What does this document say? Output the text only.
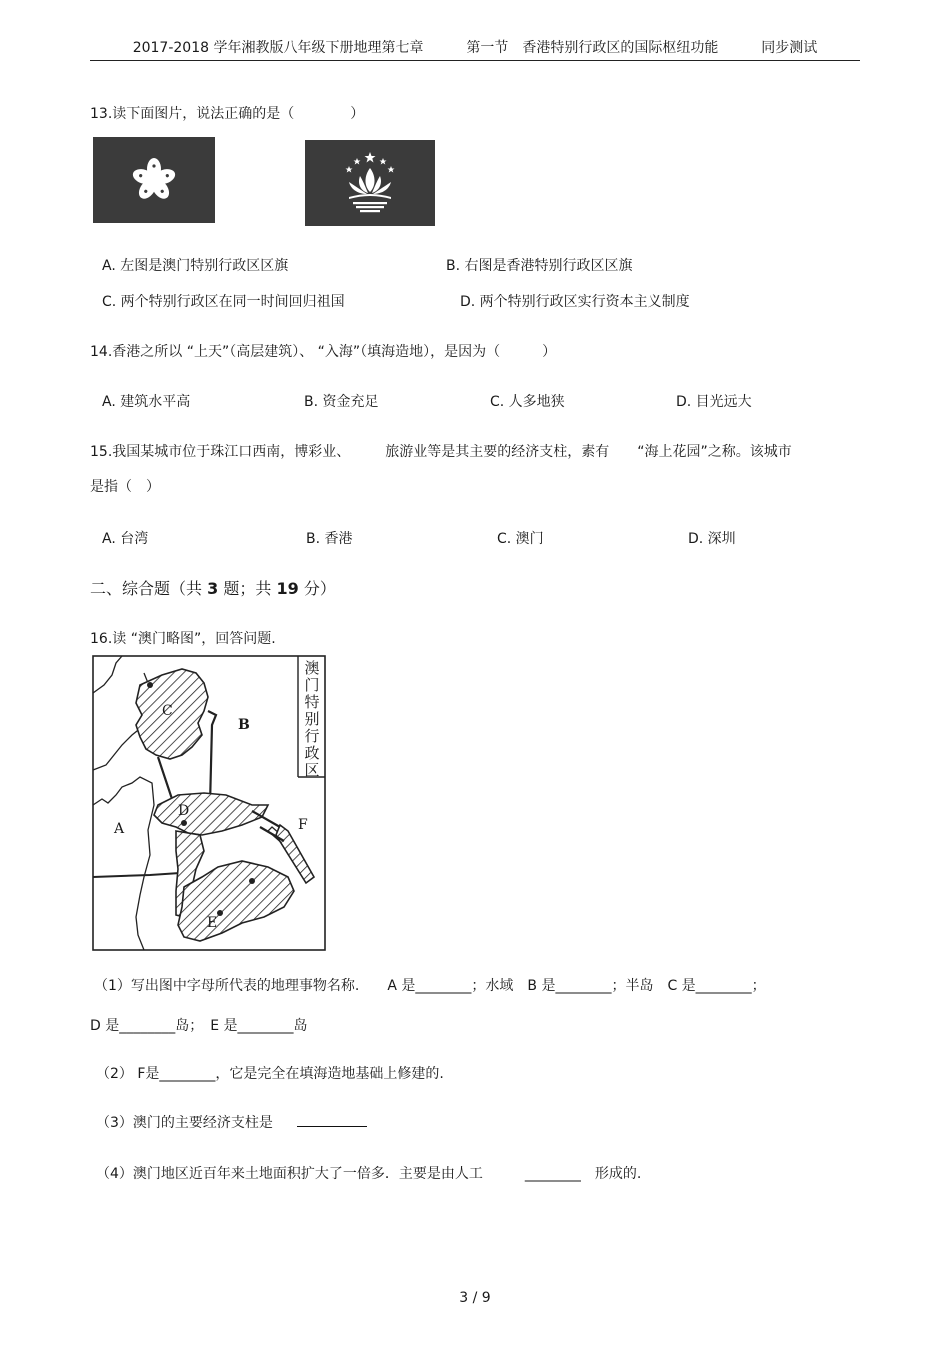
2017-2018 学年湘教版八年级下册地理第七章	第一节　香港特别行政区的国际枢纽功能	同步测试
13.读下面图片，说法正确的是（　　　　）
A. 左图是澳门特别行政区区旗	B. 右图是香港特别行政区区旗
C. 两个特别行政区在同一时间回归祖国	D. 两个特别行政区实行资本主义制度
14.香港之所以 “上天”（高层建筑）、 “入海”（填海造地），是因为（　　　）
A. 建筑水平高	B. 资金充足	C. 人多地狭	D. 目光远大
15.我国某城市位于珠江口西南，博彩业、　　　旅游业等是其主要的经济支柱，素有　　“海上花园”之称。该城市
是指（　）
A. 台湾	B. 香港	C. 澳门	D. 深圳
二、综合题（共 3 题；共 19 分）
16.读 “澳门略图”，回答问题.
澳
门
特
别
行
政
区
A
B
C
D
E
F
（1）写出图中字母所代表的地理事物名称.　　A 是________；水域　B 是________；半岛　C 是________；
D 是________岛；　E 是________岛
（2） F是________，它是完全在填海造地基础上修建的.
（3）澳门的主要经济支柱是
（4）澳门地区近百年来土地面积扩大了一倍多．主要是由人工　　　________　形成的.
3 / 9
